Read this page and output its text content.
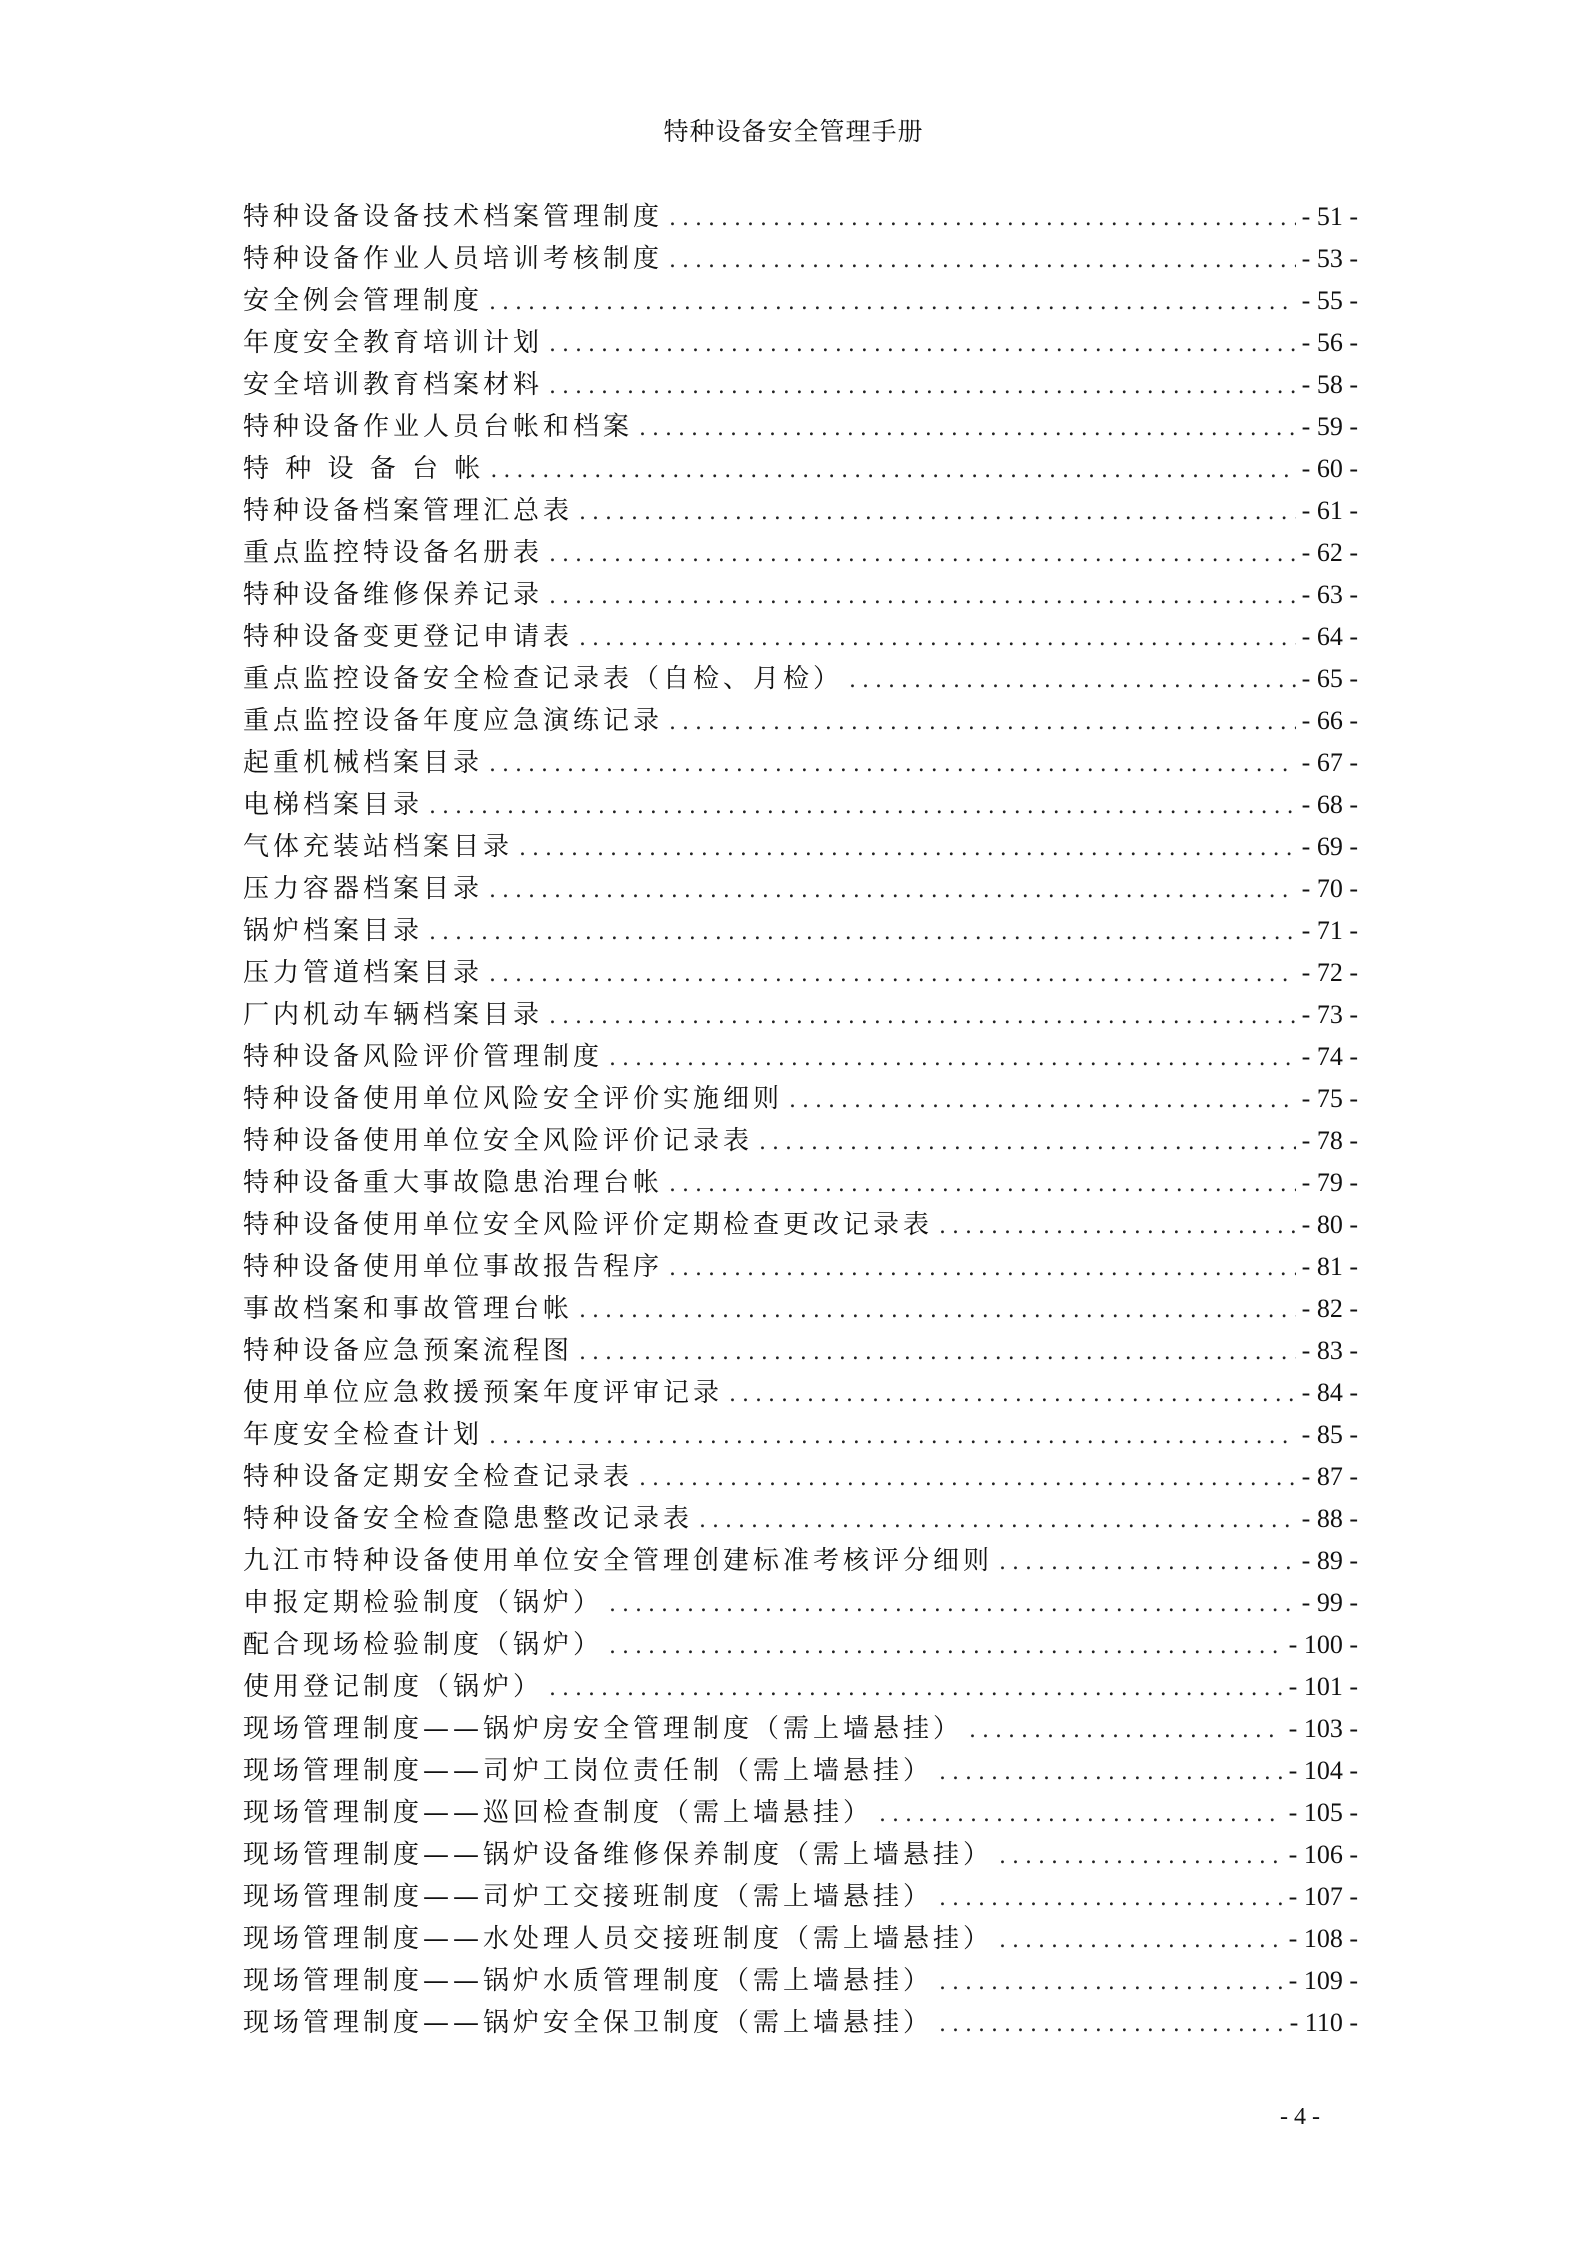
特种设备安全管理手册
特种设备设备技术档案管理制度 .....	- 51 -
特种设备作业人员培训考核制度 .....	- 53 -
安全例会管理制度 .....	- 55 -
年度安全教育培训计划 .....	- 56 -
安全培训教育档案材料 .....	- 58 -
特种设备作业人员台帐和档案 .....	- 59 -
特 种 设 备 台 帐 .....	- 60 -
特种设备档案管理汇总表 .....	- 61 -
重点监控特设备名册表 .....	- 62 -
特种设备维修保养记录 .....	- 63 -
特种设备变更登记申请表 .....	- 64 -
重点监控设备安全检查记录表（自检、月检） .....	- 65 -
重点监控设备年度应急演练记录 .....	- 66 -
起重机械档案目录 .....	- 67 -
电梯档案目录 .....	- 68 -
气体充装站档案目录 .....	- 69 -
压力容器档案目录 .....	- 70 -
锅炉档案目录 .....	- 71 -
压力管道档案目录 .....	- 72 -
厂内机动车辆档案目录 .....	- 73 -
特种设备风险评价管理制度 .....	- 74 -
特种设备使用单位风险安全评价实施细则 .....	- 75 -
特种设备使用单位安全风险评价记录表 .....	- 78 -
特种设备重大事故隐患治理台帐 .....	- 79 -
特种设备使用单位安全风险评价定期检查更改记录表 .....	- 80 -
特种设备使用单位事故报告程序 .....	- 81 -
事故档案和事故管理台帐 .....	- 82 -
特种设备应急预案流程图 .....	- 83 -
使用单位应急救援预案年度评审记录 .....	- 84 -
年度安全检查计划 .....	- 85 -
特种设备定期安全检查记录表 .....	- 87 -
特种设备安全检查隐患整改记录表 .....	- 88 -
九江市特种设备使用单位安全管理创建标准考核评分细则 .....	- 89 -
申报定期检验制度（锅炉） .....	- 99 -
配合现场检验制度（锅炉） .....	- 100 -
使用登记制度（锅炉） .....	- 101 -
现场管理制度——锅炉房安全管理制度（需上墙悬挂） .....	- 103 -
现场管理制度——司炉工岗位责任制（需上墙悬挂） .....	- 104 -
现场管理制度——巡回检查制度（需上墙悬挂） .....	- 105 -
现场管理制度——锅炉设备维修保养制度（需上墙悬挂） .....	- 106 -
现场管理制度——司炉工交接班制度（需上墙悬挂） .....	- 107 -
现场管理制度——水处理人员交接班制度（需上墙悬挂） .....	- 108 -
现场管理制度——锅炉水质管理制度（需上墙悬挂） .....	- 109 -
现场管理制度——锅炉安全保卫制度（需上墙悬挂） .....	- 110 -
- 4 -
